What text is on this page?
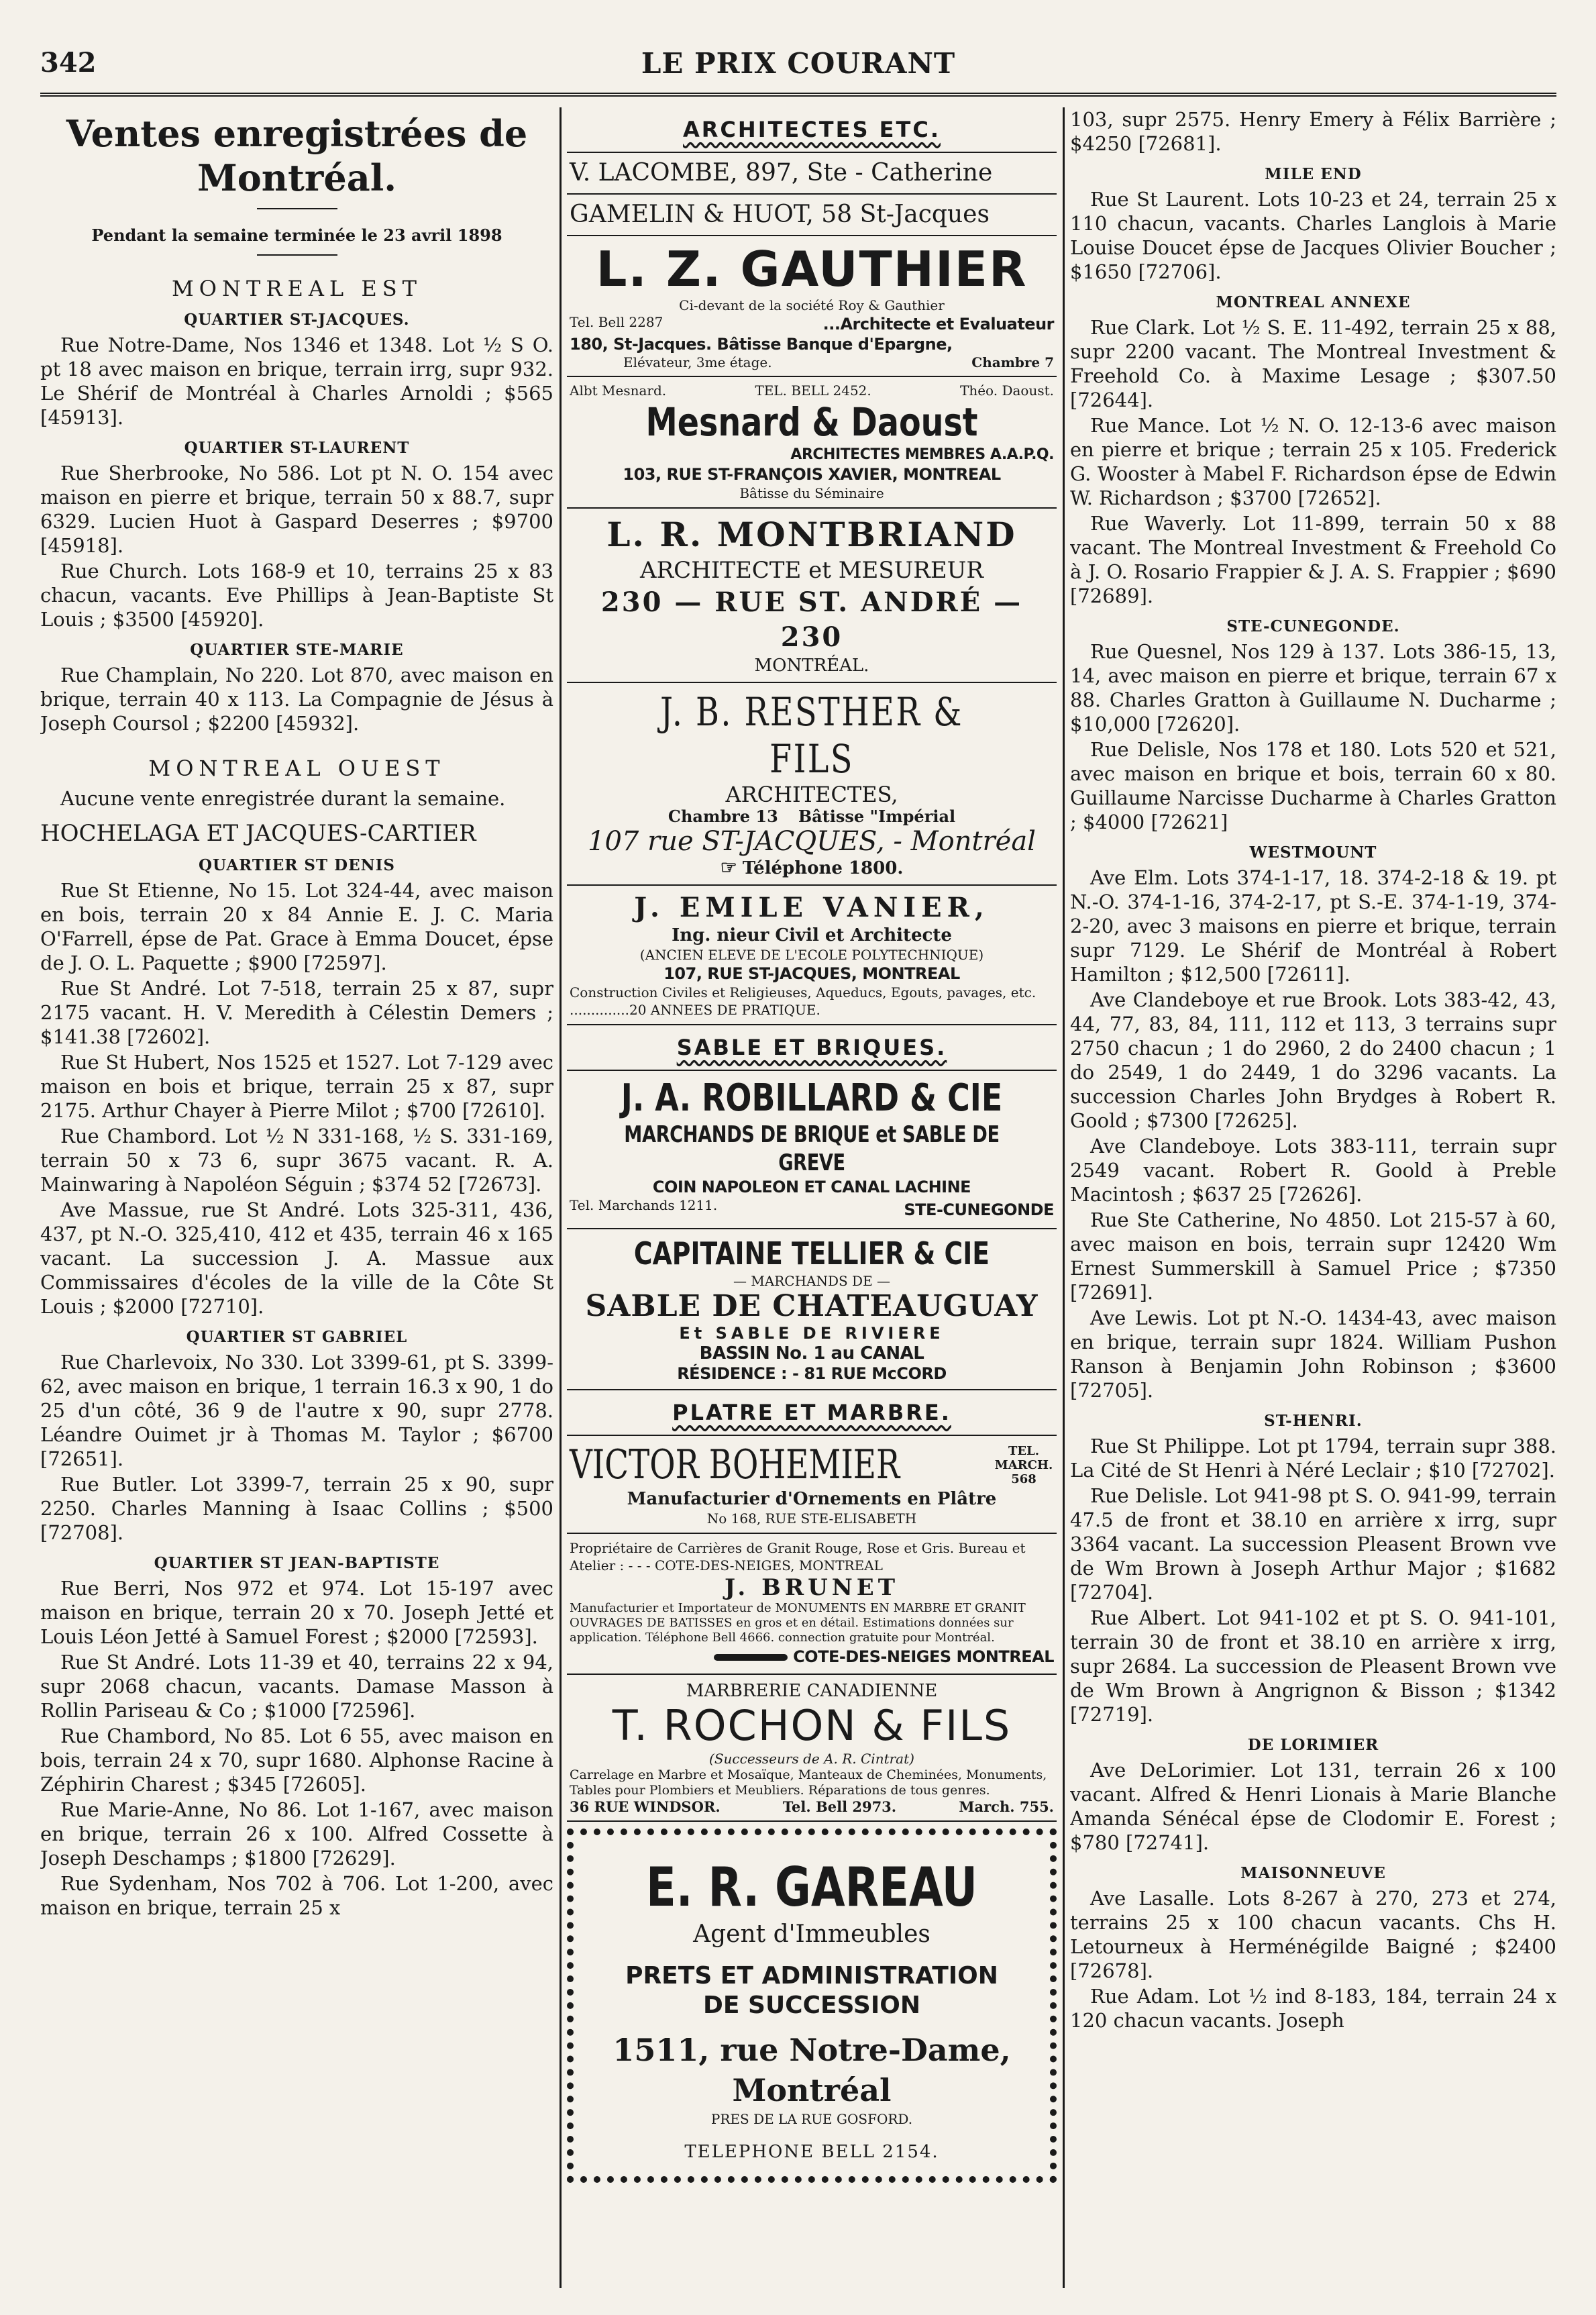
342	LE PRIX COURANT
Ventes enregistrées de Montréal.
Pendant la semaine terminée le 23 avril 1898
MONTREAL EST
QUARTIER ST-JACQUES.

Rue Notre-Dame, Nos 1346 et 1348. Lot ½ S O. pt 18 avec maison en brique, terrain irrg, supr 932. Le Shérif de Montréal à Charles Arnoldi ; $565 [45913].

QUARTIER ST-LAURENT

Rue Sherbrooke, No 586. Lot pt N. O. 154 avec maison en pierre et brique, terrain 50 x 88.7, supr 6329. Lucien Huot à Gaspard Deserres ; $9700 [45918].

Rue Church. Lots 168-9 et 10, terrains 25 x 83 chacun, vacants. Eve Phillips à Jean-Baptiste St Louis ; $3500 [45920].

QUARTIER STE-MARIE

Rue Champlain, No 220. Lot 870, avec maison en brique, terrain 40 x 113. La Compagnie de Jésus à Joseph Coursol ; $2200 [45932].

MONTREAL OUEST

Aucune vente enregistrée durant la semaine.

HOCHELAGA ET JACQUES-CARTIER
QUARTIER ST DENIS

Rue St Etienne, No 15. Lot 324-44, avec maison en bois, terrain 20 x 84 Annie E. J. C. Maria O'Farrell, épse de Pat. Grace à Emma Doucet, épse de J. O. L. Paquette ; $900 [72597].

Rue St André. Lot 7-518, terrain 25 x 87, supr 2175 vacant. H. V. Meredith à Célestin Demers ; $141.38 [72602].

Rue St Hubert, Nos 1525 et 1527. Lot 7-129 avec maison en bois et brique, terrain 25 x 87, supr 2175. Arthur Chayer à Pierre Milot ; $700 [72610].

Rue Chambord. Lot ½ N 331-168, ½ S. 331-169, terrain 50 x 73 6, supr 3675 vacant. R. A. Mainwaring à Napoléon Séguin ; $374 52 [72673].

Ave Massue, rue St André. Lots 325-311, 436, 437, pt N.-O. 325,410, 412 et 435, terrain 46 x 165 vacant. La succession J. A. Massue aux Commissaires d'écoles de la ville de la Côte St Louis ; $2000 [72710].

QUARTIER ST GABRIEL

Rue Charlevoix, No 330. Lot 3399-61, pt S. 3399-62, avec maison en brique, 1 terrain 16.3 x 90, 1 do 25 d'un côté, 36 9 de l'autre x 90, supr 2778. Léandre Ouimet jr à Thomas M. Taylor ; $6700 [72651].

Rue Butler. Lot 3399-7, terrain 25 x 90, supr 2250. Charles Manning à Isaac Collins ; $500 [72708].

QUARTIER ST JEAN-BAPTISTE

Rue Berri, Nos 972 et 974. Lot 15-197 avec maison en brique, terrain 20 x 70. Joseph Jetté et Louis Léon Jetté à Samuel Forest ; $2000 [72593].

Rue St André. Lots 11-39 et 40, terrains 22 x 94, supr 2068 chacun, vacants. Damase Masson à Rollin Pariseau & Co ; $1000 [72596].

Rue Chambord, No 85. Lot 6 55, avec maison en bois, terrain 24 x 70, supr 1680. Alphonse Racine à Zéphirin Charest ; $345 [72605].

Rue Marie-Anne, No 86. Lot 1-167, avec maison en brique, terrain 26 x 100. Alfred Cossette à Joseph Deschamps ; $1800 [72629].

Rue Sydenham, Nos 702 à 706. Lot 1-200, avec maison en brique, terrain 25 x

ARCHITECTES ETC.
V. LACOMBE, 897, Ste - Catherine
GAMELIN & HUOT, 58 St-Jacques
L. Z. GAUTHIER
Ci-devant de la société Roy & Gauthier
Tel. Bell 2287	...Architecte et Evaluateur
180, St-Jacques. Bâtisse Banque d'Epargne,
Elévateur, 3me étage.	Chambre 7
Albt Mesnard.	TEL. BELL 2452.	Théo. Daoust.
Mesnard & Daoust
ARCHITECTES MEMBRES A.A.P.Q.
103, RUE ST-FRANÇOIS XAVIER, MONTREAL
Bâtisse du Séminaire
L. R. MONTBRIAND
ARCHITECTE et MESUREUR
230 — RUE ST. ANDRÉ — 230
MONTRÉAL.
J. B. RESTHER & FILS
ARCHITECTES,
Chambre 13 Bâtisse "Impérial
107 rue ST-JACQUES, - Montréal
☞ Téléphone 1800.
J. EMILE VANIER,
Ing. nieur Civil et Architecte
(ANCIEN ELEVE DE L'ECOLE POLYTECHNIQUE)
107, RUE ST-JACQUES, MONTREAL
Construction Civiles et Religieuses, Aqueducs, Egouts, pavages, etc. ..............20 ANNEES DE PRATIQUE.
SABLE ET BRIQUES.
J. A. ROBILLARD & CIE
MARCHANDS DE BRIQUE et SABLE DE GREVE
COIN NAPOLEON ET CANAL LACHINE
Tel. Marchands 1211.	STE-CUNEGONDE
CAPITAINE TELLIER & CIE
— MARCHANDS DE —
SABLE DE CHATEAUGUAY
Et SABLE DE RIVIERE
BASSIN No. 1 au CANAL
RÉSIDENCE : - 81 RUE McCORD
PLATRE ET MARBRE.
VICTOR BOHEMIER	TEL. MARCH. 568
Manufacturier d'Ornements en Plâtre
No 168, RUE STE-ELISABETH
Propriétaire de Carrières de Granit Rouge, Rose et Gris. Bureau et Atelier : - - - COTE-DES-NEIGES, MONTREAL
J. BRUNET
Manufacturier et Importateur de MONUMENTS EN MARBRE ET GRANIT OUVRAGES DE BATISSES en gros et en détail. Estimations données sur application. Téléphone Bell 4666. connection gratuite pour Montréal.
COTE-DES-NEIGES MONTREAL
MARBRERIE CANADIENNE
T. ROCHON & FILS
(Successeurs de A. R. Cintrat)
Carrelage en Marbre et Mosaïque, Manteaux de Cheminées, Monuments, Tables pour Plombiers et Meubliers. Réparations de tous genres.
36 RUE WINDSOR.	Tel. Bell 2973.	March. 755.
E. R. GAREAU
Agent d'Immeubles
PRETS ET ADMINISTRATION
DE SUCCESSION
1511, rue Notre-Dame, Montréal
PRES DE LA RUE GOSFORD.
TELEPHONE BELL 2154.

103, supr 2575. Henry Emery à Félix Barrière ; $4250 [72681].

MILE END

Rue St Laurent. Lots 10-23 et 24, terrain 25 x 110 chacun, vacants. Charles Langlois à Marie Louise Doucet épse de Jacques Olivier Boucher ; $1650 [72706].

MONTREAL ANNEXE

Rue Clark. Lot ½ S. E. 11-492, terrain 25 x 88, supr 2200 vacant. The Montreal Investment & Freehold Co. à Maxime Lesage ; $307.50 [72644].

Rue Mance. Lot ½ N. O. 12-13-6 avec maison en pierre et brique ; terrain 25 x 105. Frederick G. Wooster à Mabel F. Richardson épse de Edwin W. Richardson ; $3700 [72652].

Rue Waverly. Lot 11-899, terrain 50 x 88 vacant. The Montreal Investment & Freehold Co à J. O. Rosario Frappier & J. A. S. Frappier ; $690 [72689].

STE-CUNEGONDE.

Rue Quesnel, Nos 129 à 137. Lots 386-15, 13, 14, avec maison en pierre et brique, terrain 67 x 88. Charles Gratton à Guillaume N. Ducharme ; $10,000 [72620].

Rue Delisle, Nos 178 et 180. Lots 520 et 521, avec maison en brique et bois, terrain 60 x 80. Guillaume Narcisse Ducharme à Charles Gratton ; $4000 [72621]

WESTMOUNT

Ave Elm. Lots 374-1-17, 18. 374-2-18 & 19. pt N.-O. 374-1-16, 374-2-17, pt S.-E. 374-1-19, 374-2-20, avec 3 maisons en pierre et brique, terrain supr 7129. Le Shérif de Montréal à Robert Hamilton ; $12,500 [72611].

Ave Clandeboye et rue Brook. Lots 383-42, 43, 44, 77, 83, 84, 111, 112 et 113, 3 terrains supr 2750 chacun ; 1 do 2960, 2 do 2400 chacun ; 1 do 2549, 1 do 2449, 1 do 3296 vacants. La succession Charles John Brydges à Robert R. Goold ; $7300 [72625].

Ave Clandeboye. Lots 383-111, terrain supr 2549 vacant. Robert R. Goold à Preble Macintosh ; $637 25 [72626].

Rue Ste Catherine, No 4850. Lot 215-57 à 60, avec maison en bois, terrain supr 12420 Wm Ernest Summerskill à Samuel Price ; $7350 [72691].

Ave Lewis. Lot pt N.-O. 1434-43, avec maison en brique, terrain supr 1824. William Pushon Ranson à Benjamin John Robinson ; $3600 [72705].

ST-HENRI.

Rue St Philippe. Lot pt 1794, terrain supr 388. La Cité de St Henri à Néré Leclair ; $10 [72702].

Rue Delisle. Lot 941-98 pt S. O. 941-99, terrain 47.5 de front et 38.10 en arrière x irrg, supr 3364 vacant. La succession Pleasent Brown vve de Wm Brown à Joseph Arthur Major ; $1682 [72704].

Rue Albert. Lot 941-102 et pt S. O. 941-101, terrain 30 de front et 38.10 en arrière x irrg, supr 2684. La succession de Pleasent Brown vve de Wm Brown à Angrignon & Bisson ; $1342 [72719].

DE LORIMIER

Ave DeLorimier. Lot 131, terrain 26 x 100 vacant. Alfred & Henri Lionais à Marie Blanche Amanda Sénécal épse de Clodomir E. Forest ; $780 [72741].

MAISONNEUVE

Ave Lasalle. Lots 8-267 à 270, 273 et 274, terrains 25 x 100 chacun vacants. Chs H. Letourneux à Herménégilde Baigné ; $2400 [72678].

Rue Adam. Lot ½ ind 8-183, 184, terrain 24 x 120 chacun vacants. Joseph
